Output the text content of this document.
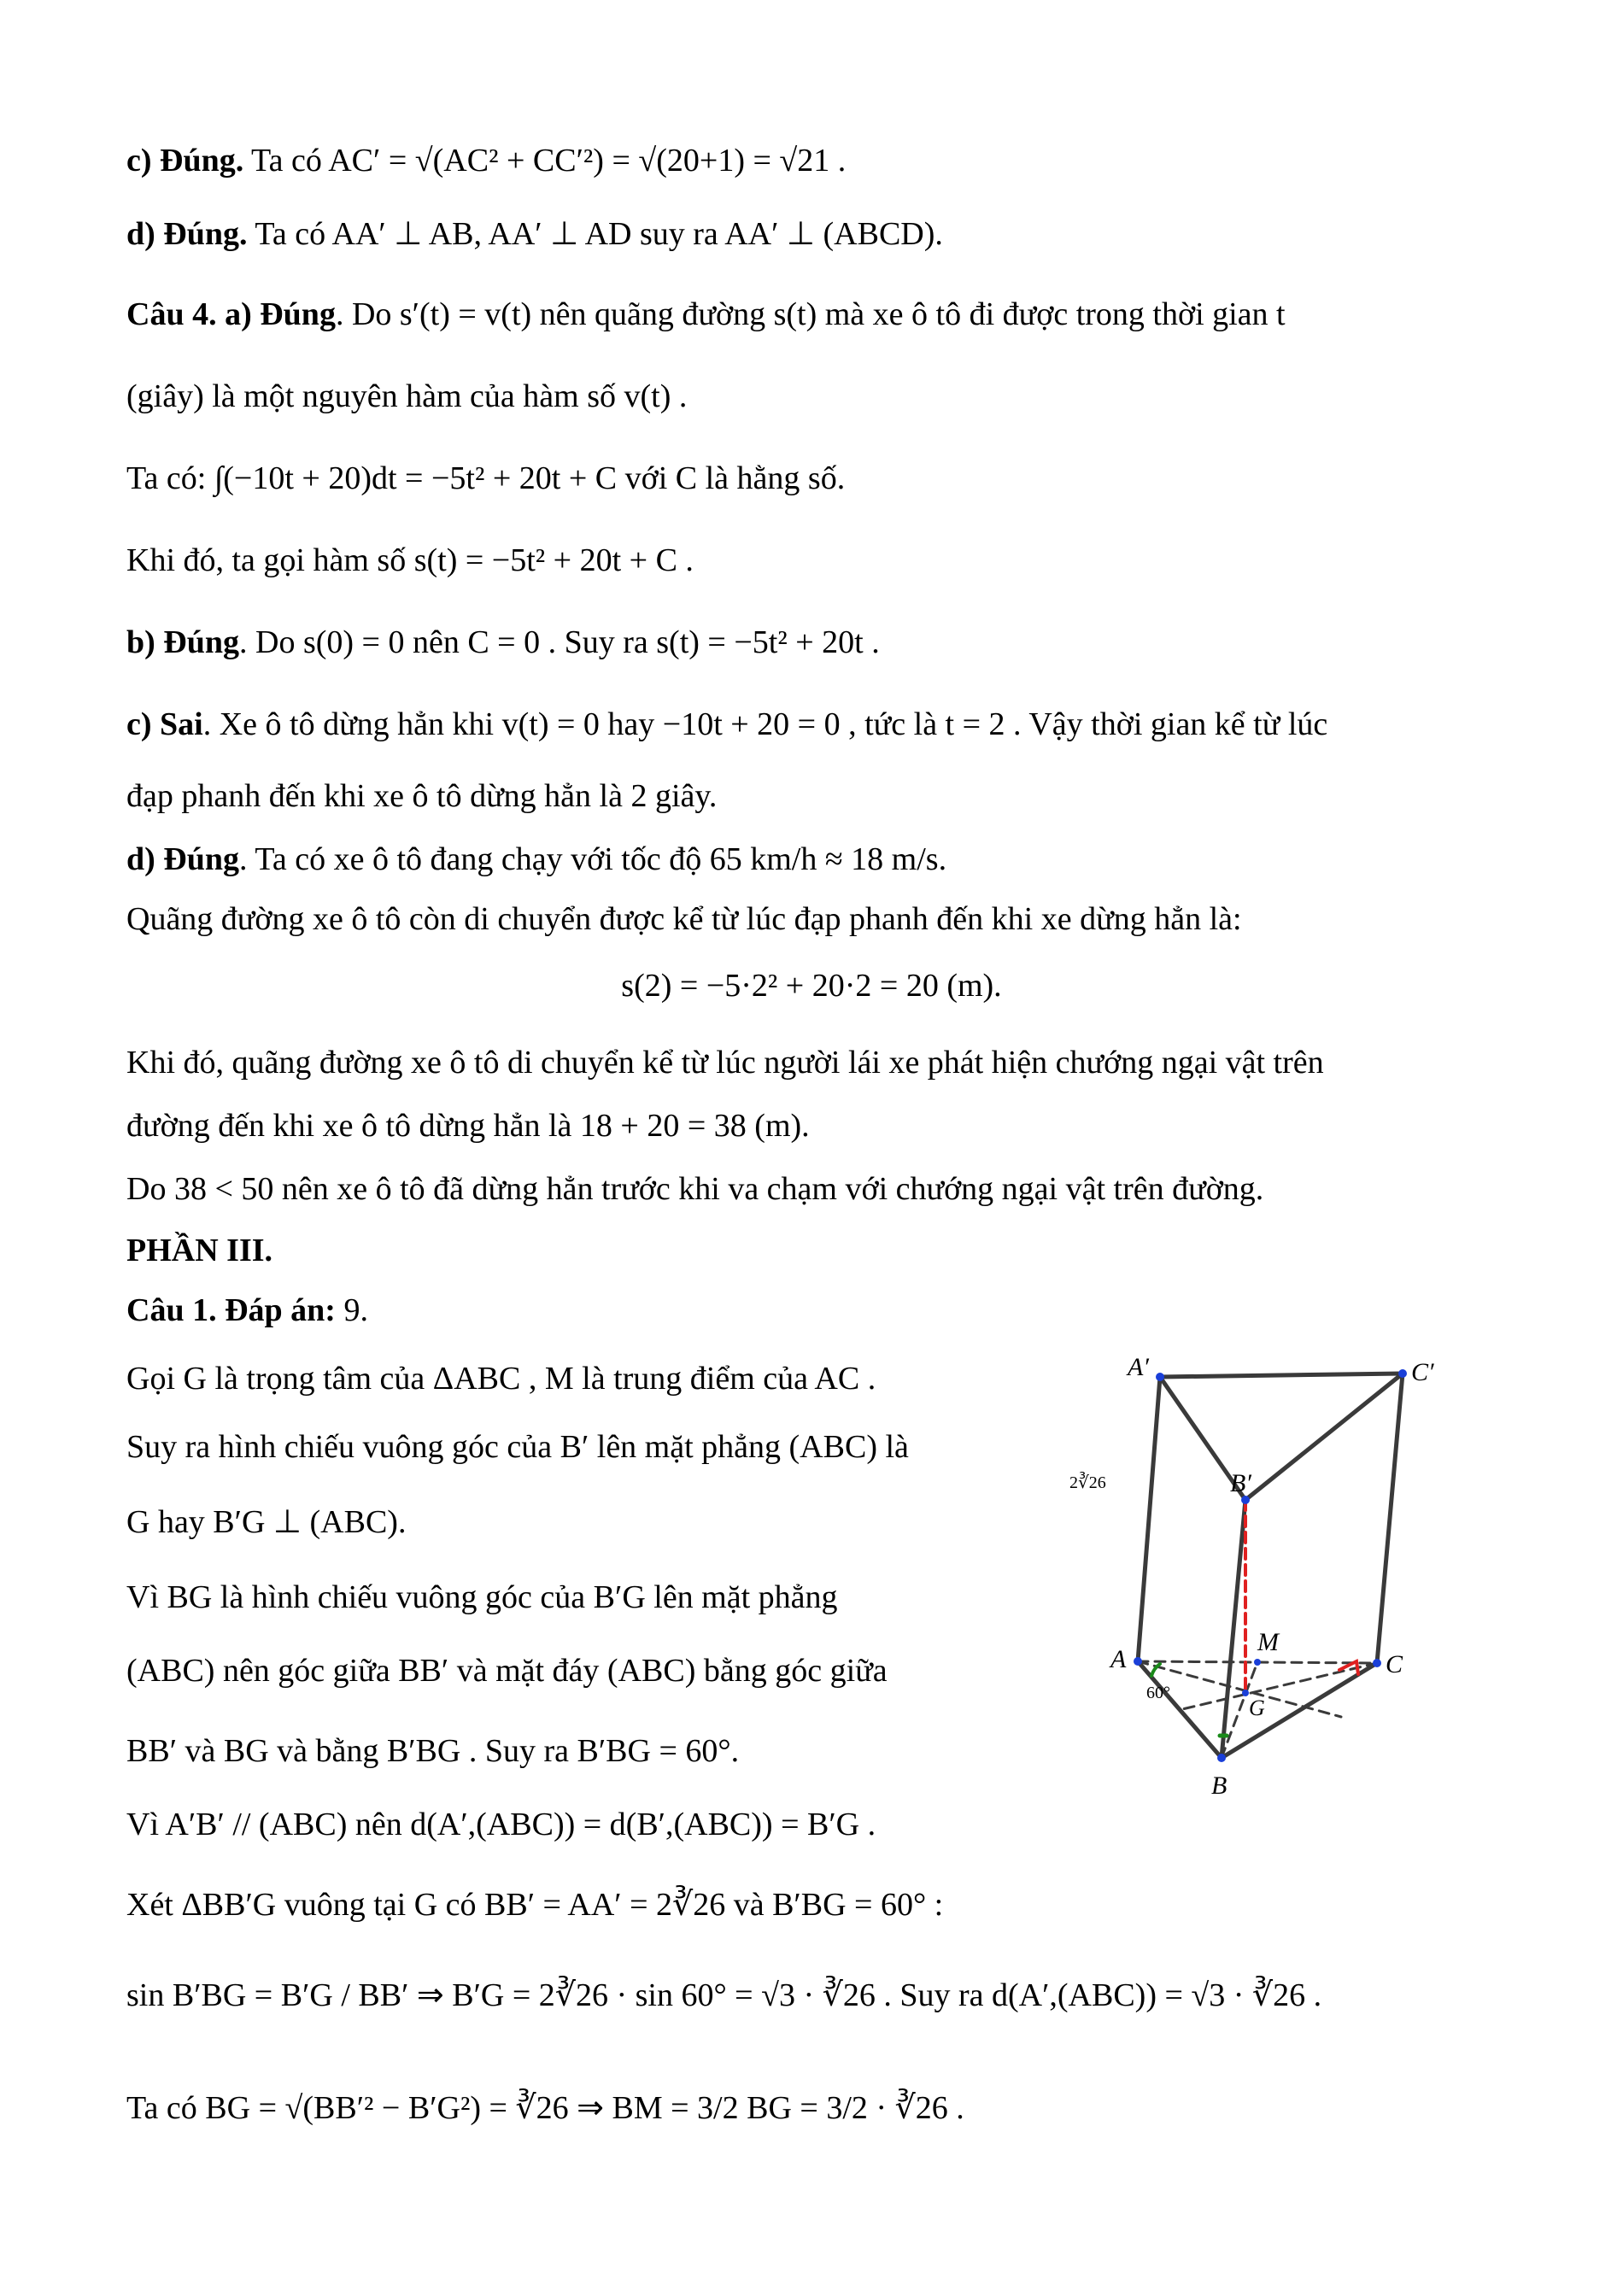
c) Đúng. Ta có AC′ = √(AC² + CC′²) = √(20+1) = √21 .
d) Đúng. Ta có AA′ ⊥ AB, AA′ ⊥ AD suy ra AA′ ⊥ (ABCD).
Câu 4. a) Đúng. Do s′(t) = v(t) nên quãng đường s(t) mà xe ô tô đi được trong thời gian t
(giây) là một nguyên hàm của hàm số v(t) .
Ta có: ∫(−10t + 20)dt = −5t² + 20t + C với C là hằng số.
Khi đó, ta gọi hàm số s(t) = −5t² + 20t + C .
b) Đúng. Do s(0) = 0 nên C = 0 . Suy ra s(t) = −5t² + 20t .
c) Sai. Xe ô tô dừng hẳn khi v(t) = 0 hay −10t + 20 = 0 , tức là t = 2 . Vậy thời gian kể từ lúc
đạp phanh đến khi xe ô tô dừng hẳn là 2 giây.
d) Đúng. Ta có xe ô tô đang chạy với tốc độ 65 km/h ≈ 18 m/s.
Quãng đường xe ô tô còn di chuyển được kể từ lúc đạp phanh đến khi xe dừng hẳn là:
s(2) = −5·2² + 20·2 = 20 (m).
Khi đó, quãng đường xe ô tô di chuyển kể từ lúc người lái xe phát hiện chướng ngại vật trên
đường đến khi xe ô tô dừng hẳn là 18 + 20 = 38 (m).
Do 38 < 50 nên xe ô tô đã dừng hẳn trước khi va chạm với chướng ngại vật trên đường.
PHẦN III.
Câu 1. Đáp án: 9.
Gọi G là trọng tâm của ΔABC , M là trung điểm của AC .
Suy ra hình chiếu vuông góc của B′ lên mặt phẳng (ABC) là
G hay B′G ⊥ (ABC).
Vì BG là hình chiếu vuông góc của B′G lên mặt phẳng
(ABC) nên góc giữa BB′ và mặt đáy (ABC) bằng góc giữa
BB′ và BG và bằng B′BG . Suy ra B′BG = 60°.
Vì A′B′ // (ABC) nên d(A′,(ABC)) = d(B′,(ABC)) = B′G .
Xét ΔBB′G vuông tại G có BB′ = AA′ = 2∛26 và B′BG = 60° :
sin B′BG = B′G / BB′ ⇒ B′G = 2∛26 · sin 60° = √3 · ∛26 . Suy ra d(A′,(ABC)) = √3 · ∛26 .
Ta có BG = √(BB′² − B′G²) = ∛26 ⇒ BM = 3/2 BG = 3/2 · ∛26 .
A′	C′
B′
A	C
B
M
G
2∛26
60°
